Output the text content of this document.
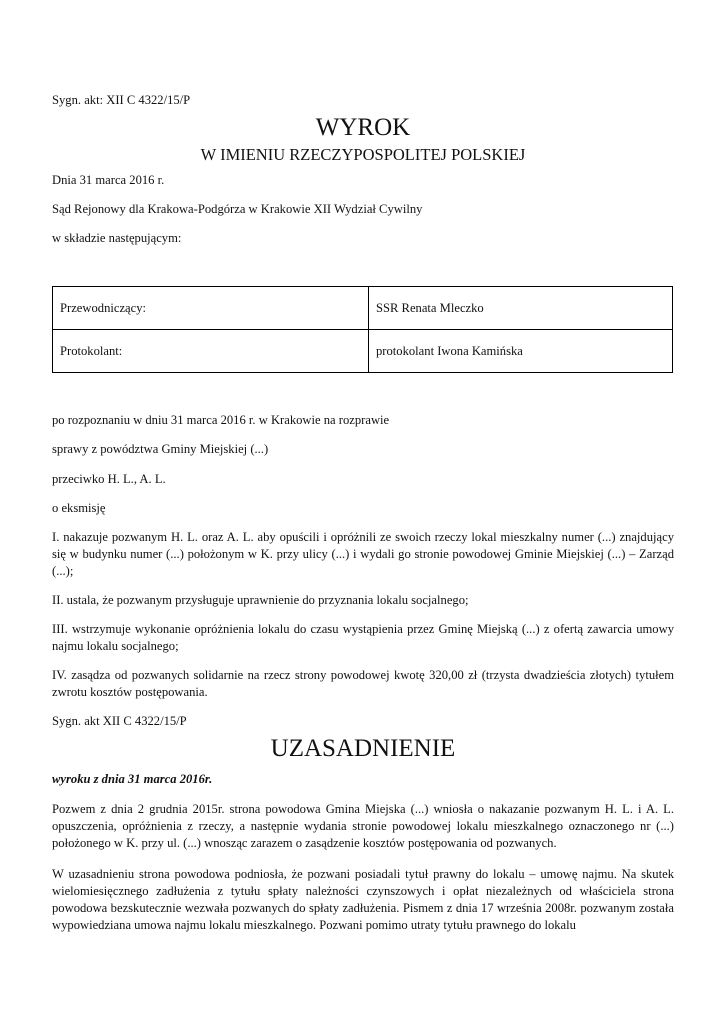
Sygn. akt: XII C 4322/15/P

WYROK
W IMIENIU RZECZYPOSPOLITEJ POLSKIEJ

Dnia 31 marca 2016 r.

Sąd Rejonowy dla Krakowa-Podgórza w Krakowie XII Wydział Cywilny

w składzie następującym:

Przewodniczący:	SSR Renata Mleczko
Protokolant:	protokolant Iwona Kamińska

po rozpoznaniu w dniu 31 marca 2016 r. w Krakowie na rozprawie

sprawy z powództwa Gminy Miejskiej (...)

przeciwko H. L., A. L.

o eksmisję

I. nakazuje pozwanym H. L. oraz A. L. aby opuścili i opróżnili ze swoich rzeczy lokal mieszkalny numer (...) znajdujący się w budynku numer (...) położonym w K. przy ulicy (...) i wydali go stronie powodowej Gminie Miejskiej (...) – Zarząd (...);

II. ustala, że pozwanym przysługuje uprawnienie do przyznania lokalu socjalnego;

III. wstrzymuje wykonanie opróżnienia lokalu do czasu wystąpienia przez Gminę Miejską (...) z ofertą zawarcia umowy najmu lokalu socjalnego;

IV. zasądza od pozwanych solidarnie na rzecz strony powodowej kwotę 320,00 zł (trzysta dwadzieścia złotych) tytułem zwrotu kosztów postępowania.

Sygn. akt XII C 4322/15/P

UZASADNIENIE

wyroku z dnia 31 marca 2016r.

Pozwem z dnia 2 grudnia 2015r. strona powodowa Gmina Miejska (...) wniosła o nakazanie pozwanym H. L. i A. L. opuszczenia, opróżnienia z rzeczy, a następnie wydania stronie powodowej lokalu mieszkalnego oznaczonego nr (...) położonego w K. przy ul. (...) wnosząc zarazem o zasądzenie kosztów postępowania od pozwanych.

W uzasadnieniu strona powodowa podniosła, że pozwani posiadali tytuł prawny do lokalu – umowę najmu. Na skutek wielomiesięcznego zadłużenia z tytułu spłaty należności czynszowych i opłat niezależnych od właściciela strona powodowa bezskutecznie wezwała pozwanych do spłaty zadłużenia. Pismem z dnia 17 września 2008r. pozwanym została wypowiedziana umowa najmu lokalu mieszkalnego. Pozwani pomimo utraty tytułu prawnego do lokalu
